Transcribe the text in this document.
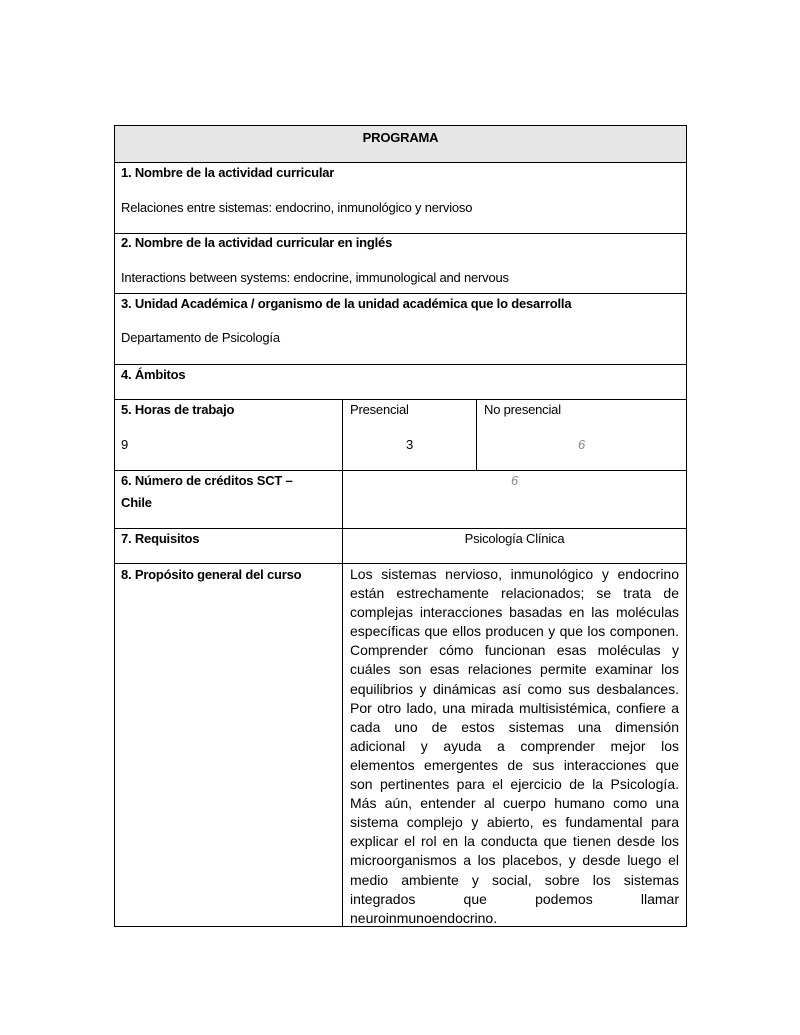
PROGRAMA
1. Nombre de la actividad curricular
Relaciones entre sistemas: endocrino, inmunológico y nervioso
2. Nombre de la actividad curricular en inglés
Interactions between systems: endocrine, immunological and nervous
3. Unidad Académica / organismo de la unidad académica que lo desarrolla
Departamento de Psicología
4. Ámbitos
5. Horas de trabajo
9
Presencial
3
No presencial
6
6. Número de créditos SCT –
Chile
6
7. Requisitos	Psicología Clínica
8. Propósito general del curso	Los sistemas nervioso, inmunológico y endocrino
están estrechamente relacionados; se trata de
complejas interacciones basadas en las moléculas
específicas que ellos producen y que los componen.
Comprender cómo funcionan esas moléculas y
cuáles son esas relaciones permite examinar los
equilibrios y dinámicas así como sus desbalances.
Por otro lado, una mirada multisistémica, confiere a
cada uno de estos sistemas una dimensión
adicional y ayuda a comprender mejor los
elementos emergentes de sus interacciones que
son pertinentes para el ejercicio de la Psicología.
Más aún, entender al cuerpo humano como una
sistema complejo y abierto, es fundamental para
explicar el rol en la conducta que tienen desde los
microorganismos a los placebos, y desde luego el
medio ambiente y social, sobre los sistemas
integrados que podemos llamar
neuroinmunoendocrino.
